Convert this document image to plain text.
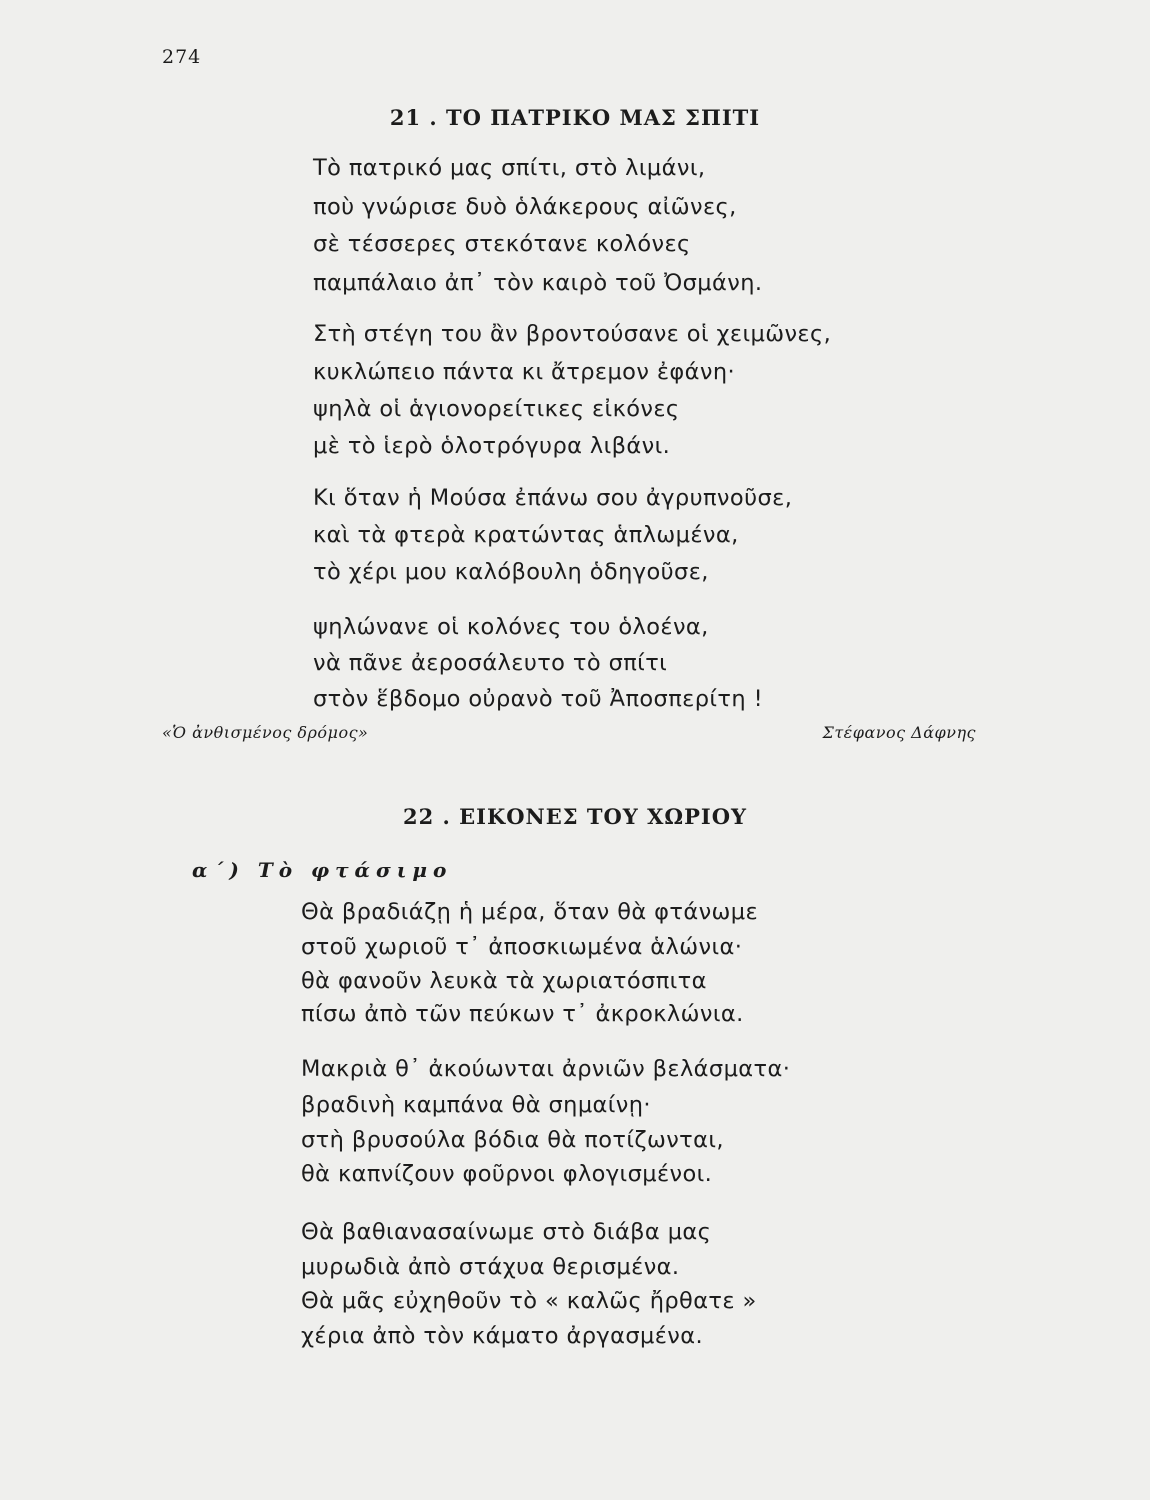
274
21 . ΤΟ ΠΑΤΡΙΚΟ ΜΑΣ ΣΠΙΤΙ
Τὸ πατρικό μας σπίτι, στὸ λιμάνι,
ποὺ γνώρισε δυὸ ὁλάκερους αἰῶνες,
σὲ τέσσερες στεκότανε κολόνες
παμπάλαιο ἀπ᾿ τὸν καιρὸ τοῦ Ὀσμάνη.
Στὴ στέγη του ἂν βροντούσανε οἱ χειμῶνες,
κυκλώπειο πάντα κι ἄτρεμον ἐφάνη·
ψηλὰ οἱ ἁγιονορείτικες εἰκόνες
μὲ τὸ ἱερὸ ὁλοτρόγυρα λιβάνι.
Κι ὅταν ἡ Μούσα ἐπάνω σου ἀγρυπνοῦσε,
καὶ τὰ φτερὰ κρατώντας ἁπλωμένα,
τὸ χέρι μου καλόβουλη ὁδηγοῦσε,
ψηλώνανε οἱ κολόνες του ὁλοένα,
νὰ πᾶνε ἀεροσάλευτο τὸ σπίτι
στὸν ἕβδομο οὐρανὸ τοῦ Ἀποσπερίτη !
«Ὁ ἀνθισμένος δρόμος»	Στέφανος Δάφνης
22 . ΕΙΚΟΝΕΣ ΤΟΥ ΧΩΡΙΟΥ
α΄) Τὸ φτάσιμο
Θὰ βραδιάζῃ ἡ μέρα, ὅταν θὰ φτάνωμε
στοῦ χωριοῦ τ᾿ ἀποσκιωμένα ἁλώνια·
θὰ φανοῦν λευκὰ τὰ χωριατόσπιτα
πίσω ἀπὸ τῶν πεύκων τ᾿ ἀκροκλώνια.
Μακριὰ θ᾿ ἀκούωνται ἀρνιῶν βελάσματα·
βραδινὴ καμπάνα θὰ σημαίνῃ·
στὴ βρυσούλα βόδια θὰ ποτίζωνται,
θὰ καπνίζουν φοῦρνοι φλογισμένοι.
Θὰ βαθιανασαίνωμε στὸ διάβα μας
μυρωδιὰ ἀπὸ στάχυα θερισμένα.
Θὰ μᾶς εὐχηθοῦν τὸ « καλῶς ἤρθατε »
χέρια ἀπὸ τὸν κάματο ἀργασμένα.
